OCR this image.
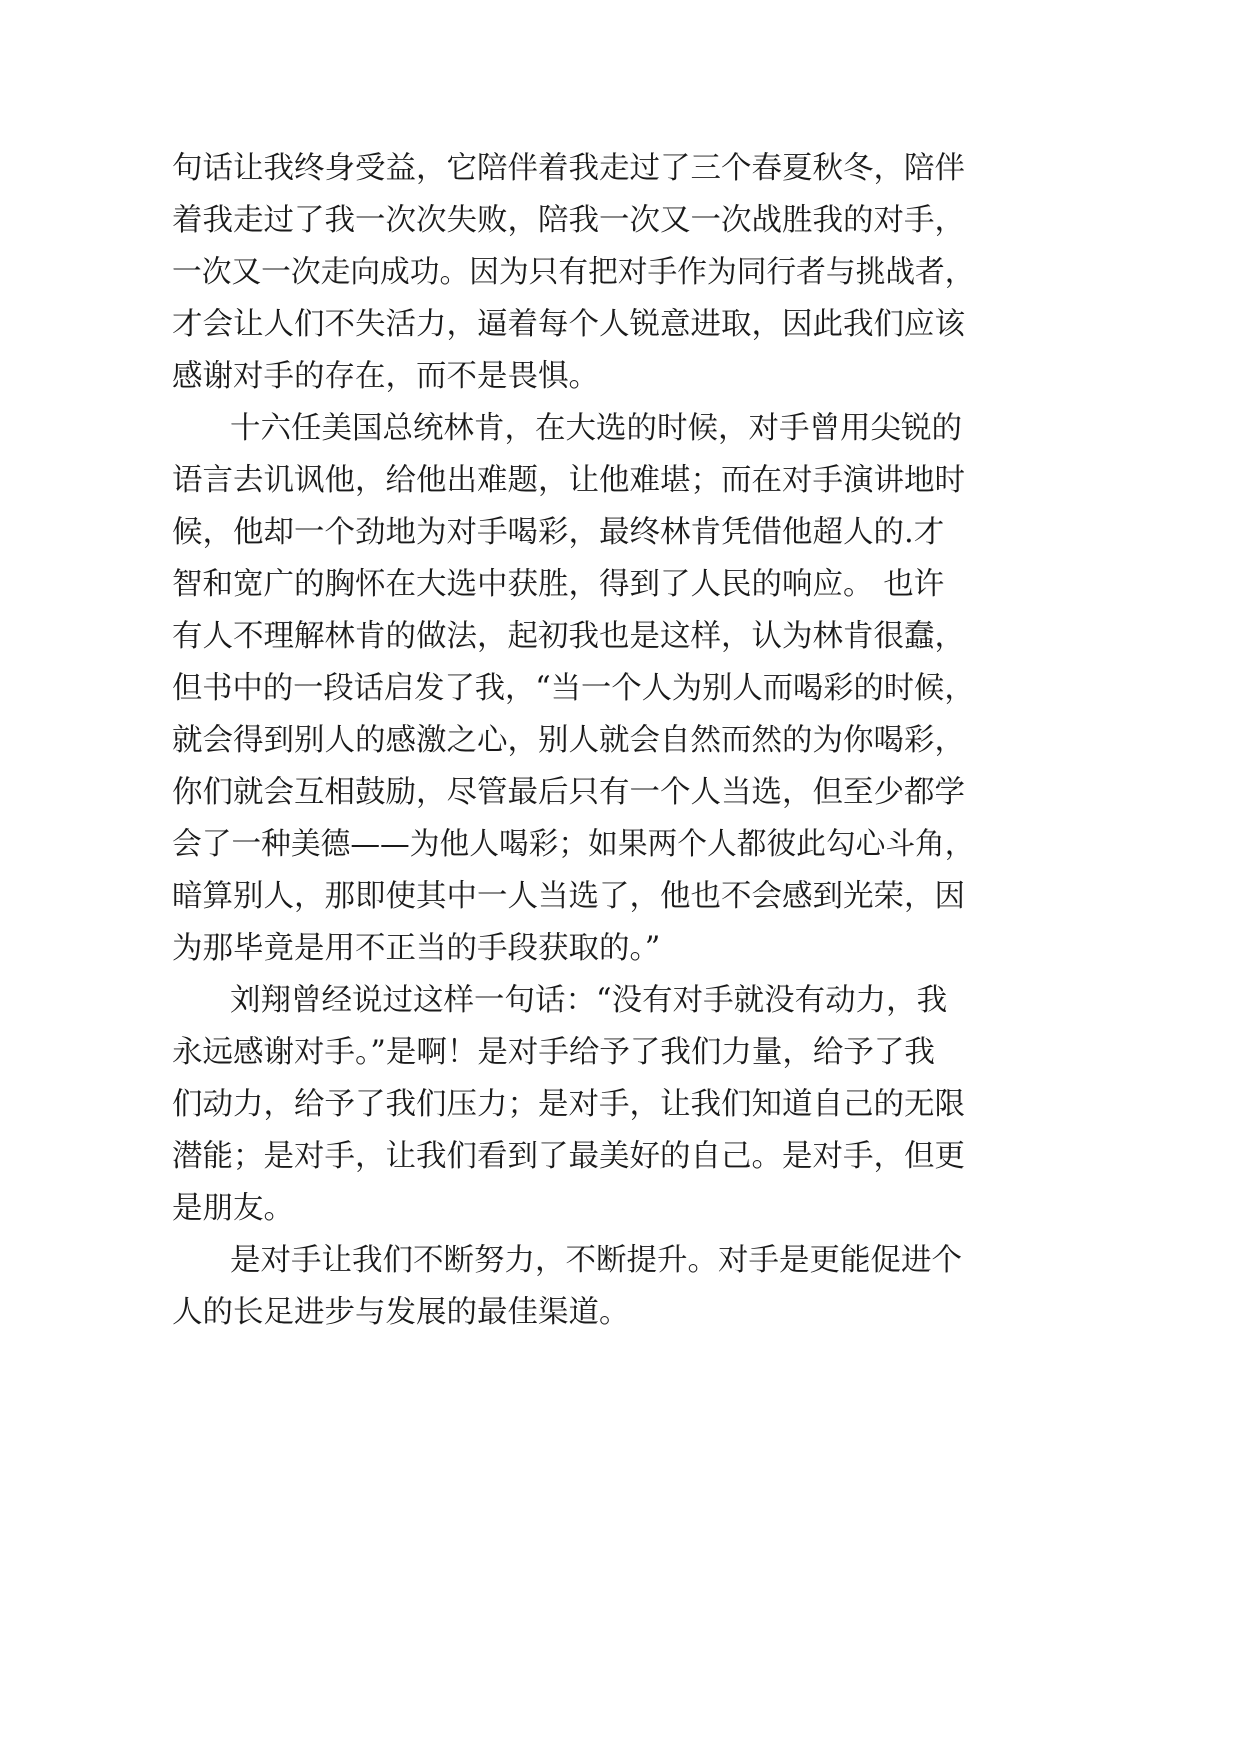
句话让我终身受益，它陪伴着我走过了三个春夏秋冬，陪伴

着我走过了我一次次失败，陪我一次又一次战胜我的对手，

一次又一次走向成功。因为只有把对手作为同行者与挑战者，

才会让人们不失活力，逼着每个人锐意进取，因此我们应该

感谢对手的存在，而不是畏惧。

十六任美国总统林肯，在大选的时候，对手曾用尖锐的

语言去讥讽他，给他出难题，让他难堪；而在对手演讲地时

候，他却一个劲地为对手喝彩，最终林肯凭借他超人的.才

智和宽广的胸怀在大选中获胜，得到了人民的响应。 也许

有人不理解林肯的做法，起初我也是这样，认为林肯很蠢，

但书中的一段话启发了我，“当一个人为别人而喝彩的时候，

就会得到别人的感激之心，别人就会自然而然的为你喝彩，

你们就会互相鼓励，尽管最后只有一个人当选，但至少都学

会了一种美德——为他人喝彩；如果两个人都彼此勾心斗角，

暗算别人，那即使其中一人当选了，他也不会感到光荣，因

为那毕竟是用不正当的手段获取的。”

刘翔曾经说过这样一句话：“没有对手就没有动力，我

永远感谢对手。”是啊！是对手给予了我们力量，给予了我

们动力，给予了我们压力；是对手，让我们知道自己的无限

潜能；是对手，让我们看到了最美好的自己。是对手，但更

是朋友。

是对手让我们不断努力，不断提升。对手是更能促进个

人的长足进步与发展的最佳渠道。
